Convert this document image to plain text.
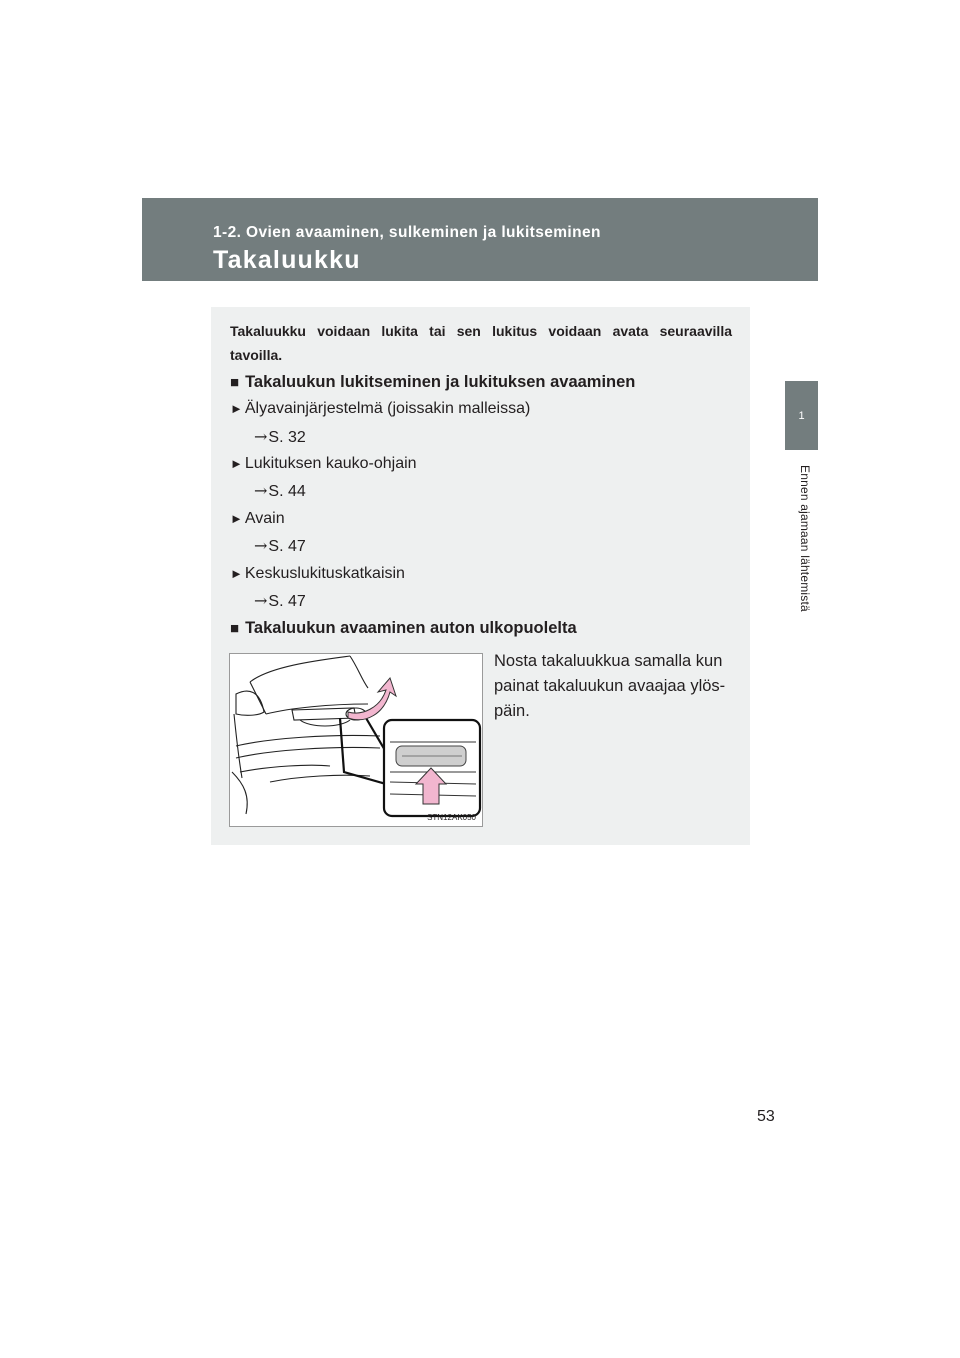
1-2. Ovien avaaminen, sulkeminen ja lukitseminen
Takaluukku
1
Ennen ajamaan lähtemistä
Takaluukku voidaan lukita tai sen lukitus voidaan avata seuraavilla tavoilla.
■ Takaluukun lukitseminen ja lukituksen avaaminen
► Älyavainjärjestelmä (joissakin malleissa)
→S. 32
► Lukituksen kauko-ohjain
→S. 44
► Avain
→S. 47
► Keskuslukituskatkaisin
→S. 47
■ Takaluukun avaaminen auton ulkopuolelta
STN12AK050
Nosta takaluukkua samalla kun painat takaluukun avaajaa ylös-päin.
53
